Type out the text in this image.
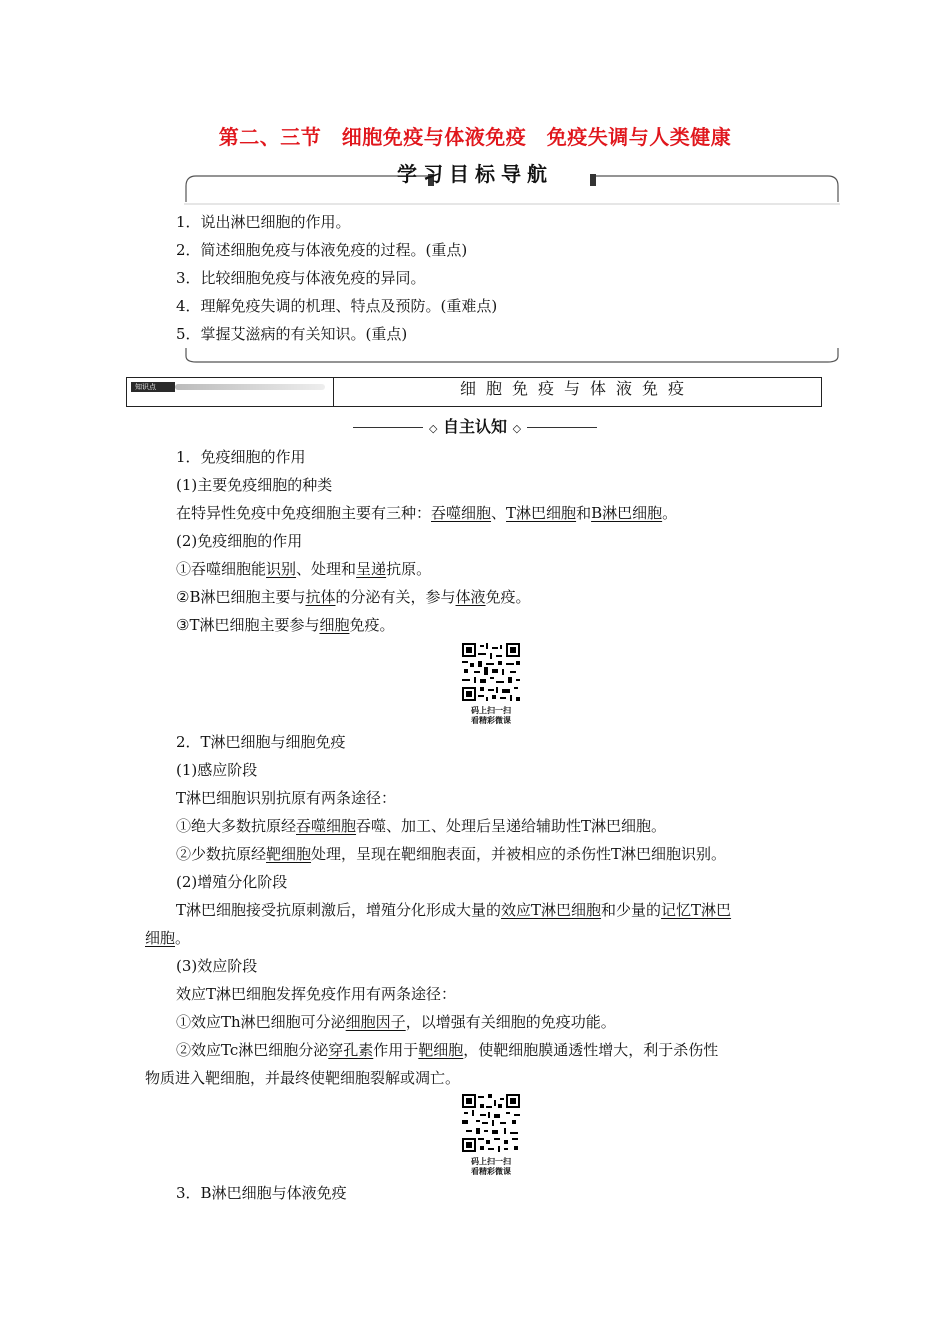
第二、三节　细胞免疫与体液免疫　免疫失调与人类健康
学习目标导航
1．说出淋巴细胞的作用。
2．简述细胞免疫与体液免疫的过程。(重点)
3．比较细胞免疫与体液免疫的异同。
4．理解免疫失调的机理、特点及预防。(重难点)
5．掌握艾滋病的有关知识。(重点)
知识点	细胞免疫与体液免疫
◇ 自主认知 ◇
1．免疫细胞的作用
(1)主要免疫细胞的种类
在特异性免疫中免疫细胞主要有三种：吞噬细胞、T淋巴细胞和B淋巴细胞。
(2)免疫细胞的作用
①吞噬细胞能识别、处理和呈递抗原。
②B淋巴细胞主要与抗体的分泌有关，参与体液免疫。
③T淋巴细胞主要参与细胞免疫。
码上扫一扫
看精彩微课
2．T淋巴细胞与细胞免疫
(1)感应阶段
T淋巴细胞识别抗原有两条途径：
①绝大多数抗原经吞噬细胞吞噬、加工、处理后呈递给辅助性T淋巴细胞。
②少数抗原经靶细胞处理，呈现在靶细胞表面，并被相应的杀伤性T淋巴细胞识别。
(2)增殖分化阶段
T淋巴细胞接受抗原刺激后，增殖分化形成大量的效应T淋巴细胞和少量的记忆T淋巴
细胞。
(3)效应阶段
效应T淋巴细胞发挥免疫作用有两条途径：
①效应Th淋巴细胞可分泌细胞因子，以增强有关细胞的免疫功能。
②效应Tc淋巴细胞分泌穿孔素作用于靶细胞，使靶细胞膜通透性增大，利于杀伤性
物质进入靶细胞，并最终使靶细胞裂解或凋亡。
码上扫一扫
看精彩微课
3．B淋巴细胞与体液免疫
